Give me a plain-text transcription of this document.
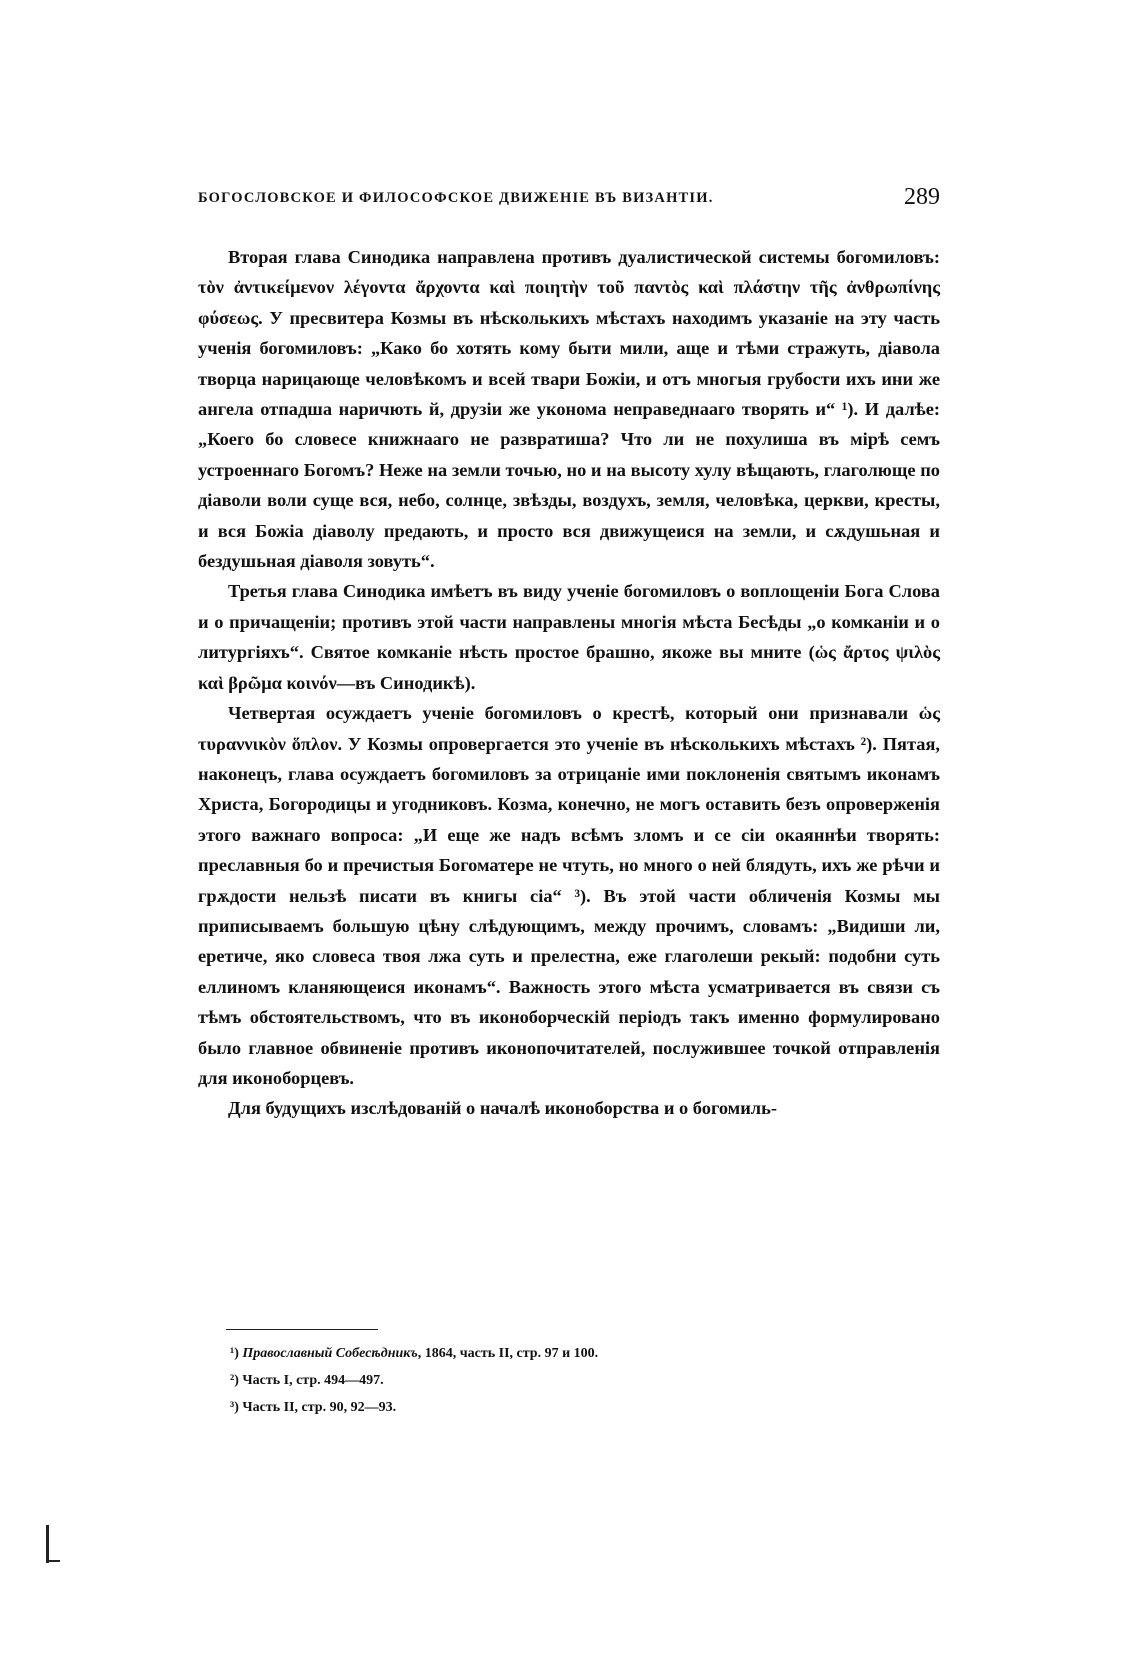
БОГОСЛОВСКОЕ И ФИЛОСОФСКОЕ ДВИЖЕНІЕ ВЪ ВИЗАНТІИ.	289

Вторая глава Синодика направлена противъ дуалистической системы богомиловъ: τὸν ἀντικείμενον λέγοντα ἄρχοντα καὶ ποιητὴν τοῦ παντὸς καὶ πλάστην τῆς ἀνθρωπίνης φύσεως. У пресвитера Козмы въ нѣсколькихъ мѣстахъ находимъ указаніе на эту часть ученія богомиловъ: „Како бо хотять кому быти мили, аще и тѣми стражуть, діавола творца нарицающе человѣкомъ и всей твари Божіи, и отъ многыя грубости ихъ ини же ангела отпадша наричють й, друзіи же уконома неправеднааго творять и“ ¹). И далѣе: „Коего бо словесе книжнааго не развратиша? Что ли не похулиша въ мірѣ семъ устроеннаго Богомъ? Неже на земли точью, но и на высоту хулу вѣщають, глаголюще по діаволи воли суще вся, небо, солнце, звѣзды, воздухъ, земля, человѣка, церкви, кресты, и вся Божіа діаволу предають, и просто вся движущеися на земли, и сѫдушьная и бездушьная діаволя зовуть“.

Третья глава Синодика имѣетъ въ виду ученіе богомиловъ о воплощеніи Бога Слова и о причащеніи; противъ этой части направлены многія мѣста Бесѣды „о комканіи и о литургіяхъ“. Святое комканіе нѣсть простое брашно, якоже вы мните (ὡς ἄρτος ψιλὸς καὶ βρῶμα κοινόν—въ Синодикѣ).

Четвертая осуждаетъ ученіе богомиловъ о крестѣ, который они признавали ὡς τυραννικὸν ὅπλον. У Козмы опровергается это ученіе въ нѣсколькихъ мѣстахъ ²). Пятая, наконецъ, глава осуждаетъ богомиловъ за отрицаніе ими поклоненія святымъ иконамъ Христа, Богородицы и угодниковъ. Козма, конечно, не могъ оставить безъ опроверженія этого важнаго вопроса: „И еще же надъ всѣмъ зломъ и се сіи окаяннѣи творять: преславныя бо и пречистыя Богоматере не чтуть, но много о ней блядуть, ихъ же рѣчи и грѫдости нельзѣ писати въ книгы сіа“ ³). Въ этой части обличенія Козмы мы приписываемъ большую цѣну слѣдующимъ, между прочимъ, словамъ: „Видиши ли, еретиче, яко словеса твоя лжа суть и прелестна, еже глаголеши рекый: подобни суть еллиномъ кланяющеися иконамъ“. Важность этого мѣста усматривается въ связи съ тѣмъ обстоятельствомъ, что въ иконоборческій періодъ такъ именно формулировано было главное обвиненіе противъ иконопочитателей, послужившее точкой отправленія для иконоборцевъ.

Для будущихъ изслѣдованій о началѣ иконоборства и о богомиль-

¹) Православный Собесѣдникъ, 1864, часть II, стр. 97 и 100.
²) Часть I, стр. 494—497.
³) Часть II, стр. 90, 92—93.
